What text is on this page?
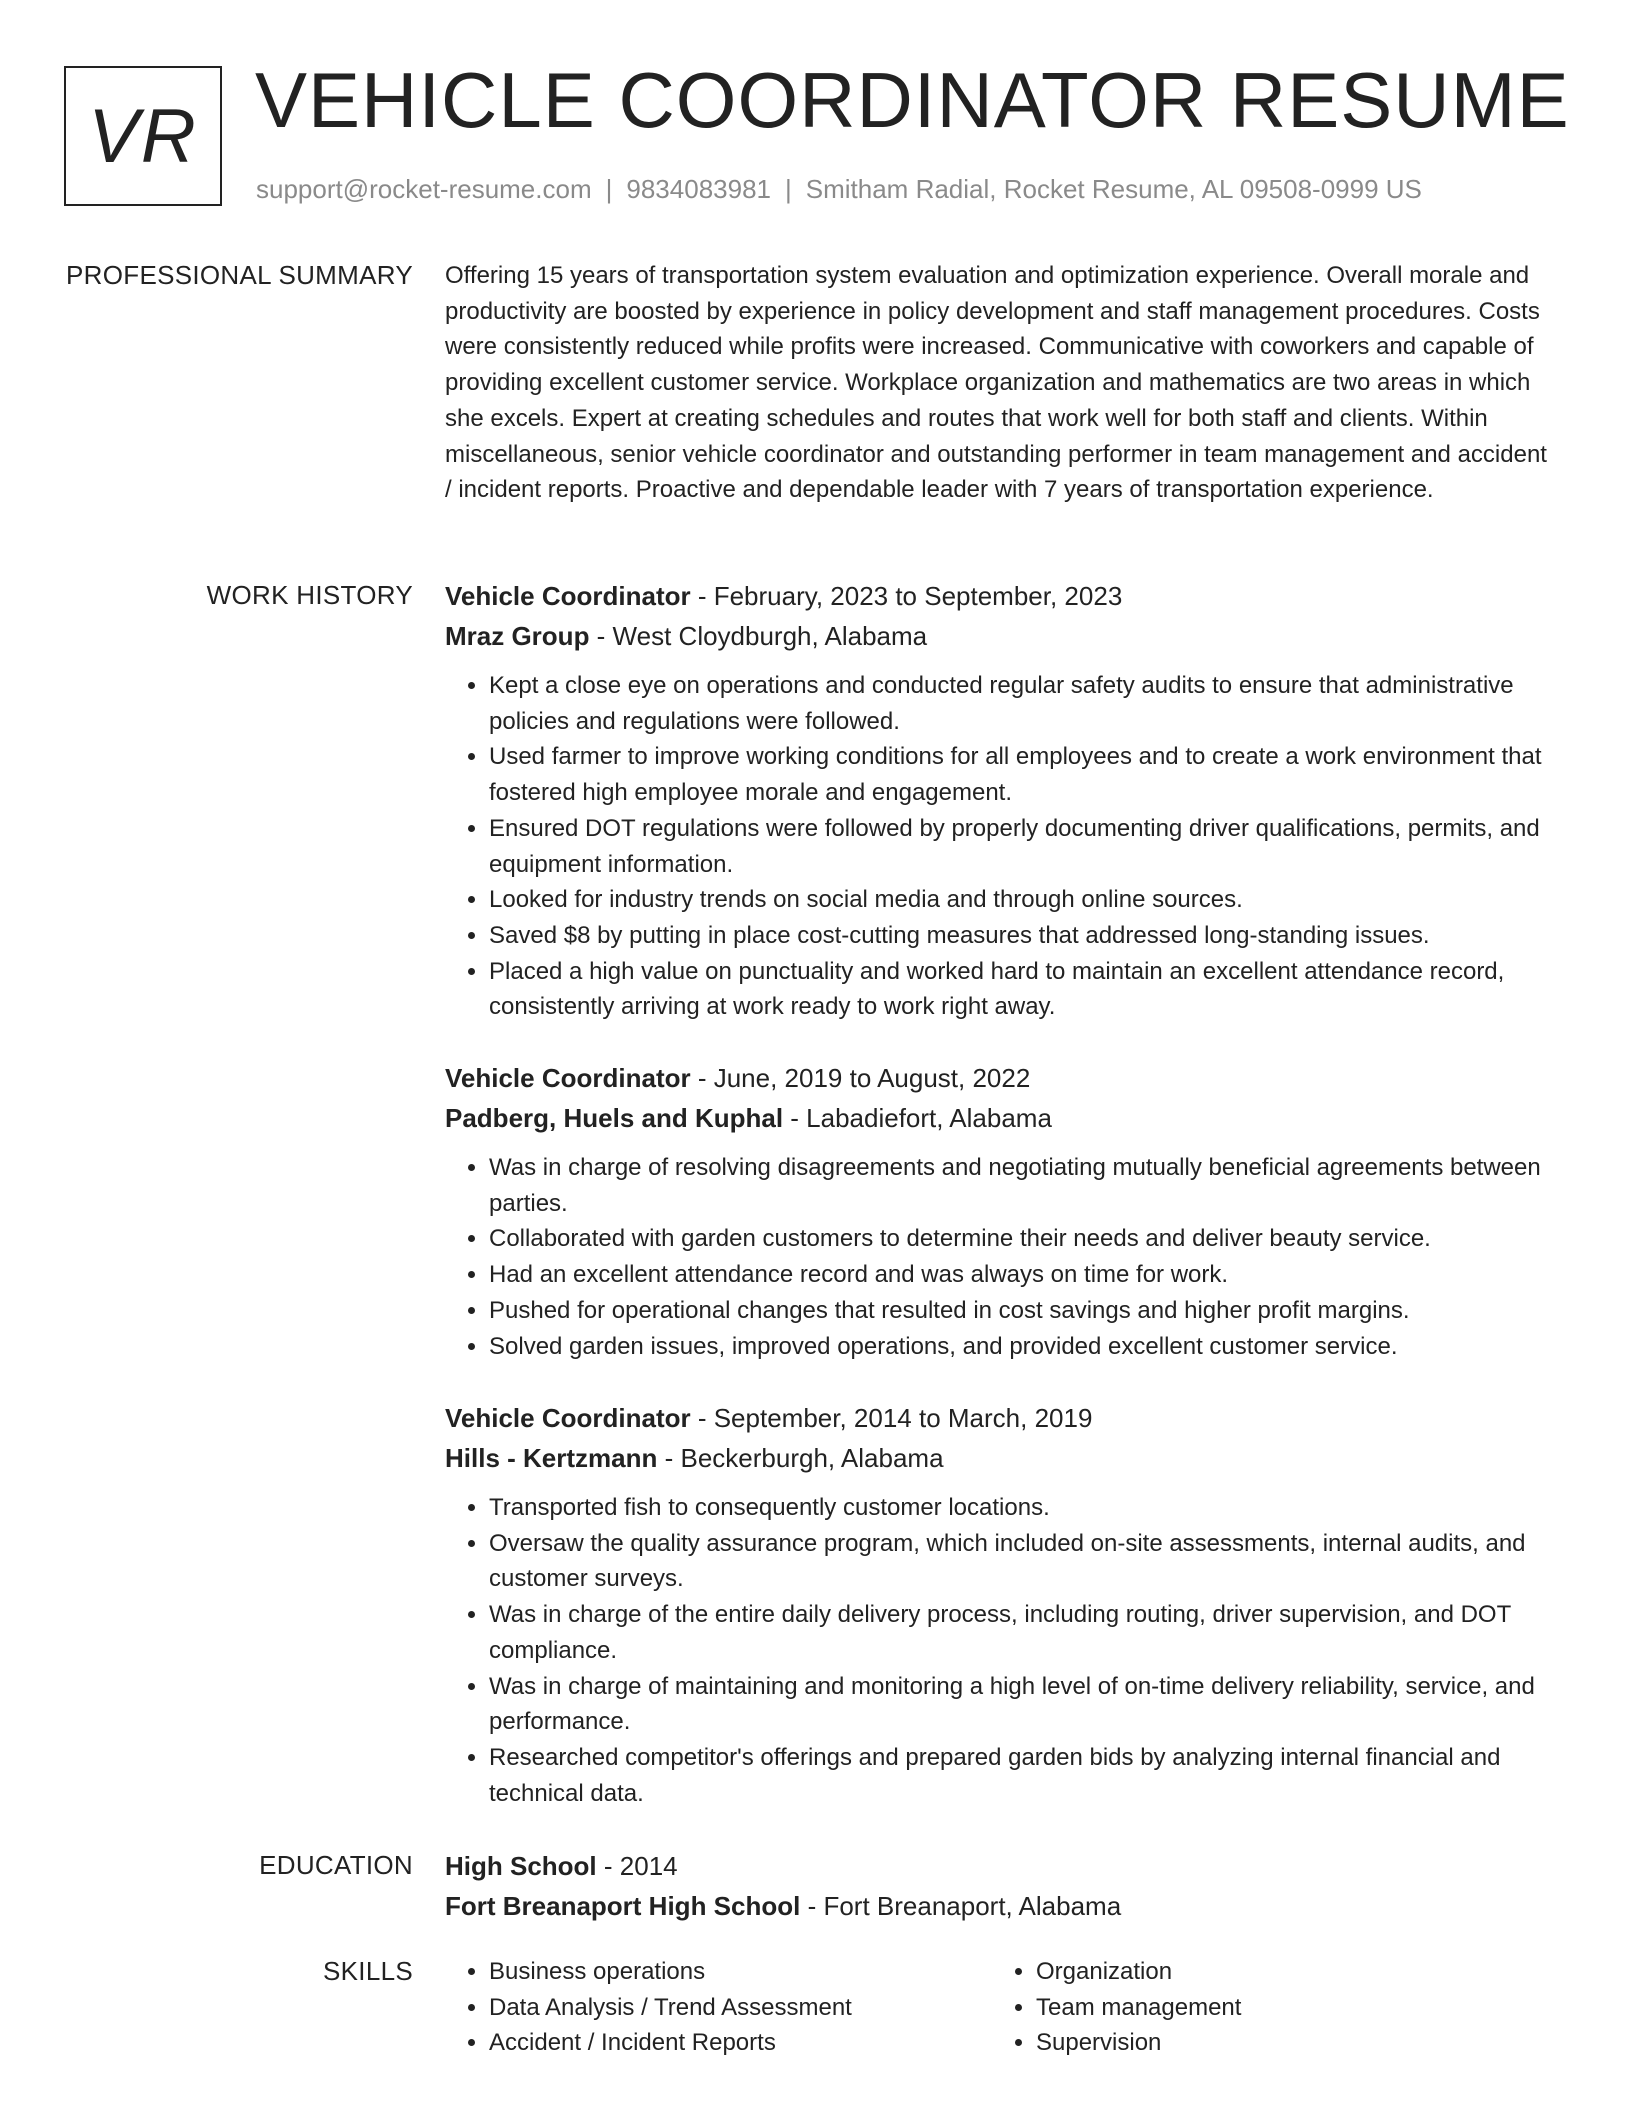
VR VEHICLE COORDINATOR RESUME
support@rocket-resume.com | 9834083981 | Smitham Radial, Rocket Resume, AL 09508-0999 US
PROFESSIONAL SUMMARY Offering 15 years of transportation system evaluation and optimization experience. Overall morale and productivity are boosted by experience in policy development and staff management procedures. Costs were consistently reduced while profits were increased. Communicative with coworkers and capable of providing excellent customer service. Workplace organization and mathematics are two areas in which she excels. Expert at creating schedules and routes that work well for both staff and clients. Within miscellaneous, senior vehicle coordinator and outstanding performer in team management and accident / incident reports. Proactive and dependable leader with 7 years of transportation experience.

WORK HISTORY Vehicle Coordinator - February, 2023 to September, 2023
Mraz Group - West Cloydburgh, Alabama
• Kept a close eye on operations and conducted regular safety audits to ensure that administrative policies and regulations were followed.
• Used farmer to improve working conditions for all employees and to create a work environment that fostered high employee morale and engagement.
• Ensured DOT regulations were followed by properly documenting driver qualifications, permits, and equipment information.
• Looked for industry trends on social media and through online sources.
• Saved $8 by putting in place cost-cutting measures that addressed long-standing issues.
• Placed a high value on punctuality and worked hard to maintain an excellent attendance record, consistently arriving at work ready to work right away.
Vehicle Coordinator - June, 2019 to August, 2022
Padberg, Huels and Kuphal - Labadiefort, Alabama
• Was in charge of resolving disagreements and negotiating mutually beneficial agreements between parties.
• Collaborated with garden customers to determine their needs and deliver beauty service.
• Had an excellent attendance record and was always on time for work.
• Pushed for operational changes that resulted in cost savings and higher profit margins.
• Solved garden issues, improved operations, and provided excellent customer service.
Vehicle Coordinator - September, 2014 to March, 2019
Hills - Kertzmann - Beckerburgh, Alabama
• Transported fish to consequently customer locations.
• Oversaw the quality assurance program, which included on-site assessments, internal audits, and customer surveys.
• Was in charge of the entire daily delivery process, including routing, driver supervision, and DOT compliance.
• Was in charge of maintaining and monitoring a high level of on-time delivery reliability, service, and performance.
• Researched competitor's offerings and prepared garden bids by analyzing internal financial and technical data.
EDUCATION High School - 2014
Fort Breanaport High School - Fort Breanaport, Alabama
SKILLS
•	Business operations
• Data Analysis / Trend Assessment
• Accident / Incident Reports
• Organization
• Team management
• Supervision
